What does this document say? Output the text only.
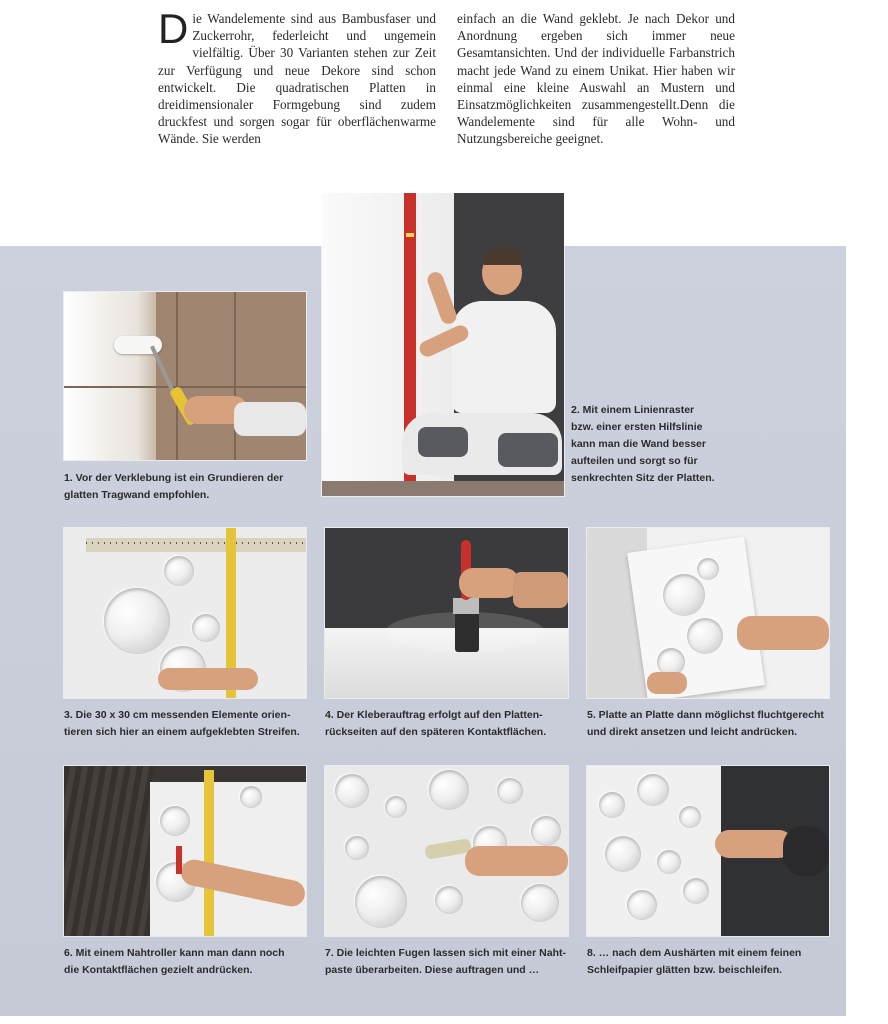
Die Wandelemente sind aus Bambusfaser und Zuckerrohr, federleicht und ungemein vielfältig. Über 30 Varianten stehen zur Zeit zur Verfügung und neue Dekore sind schon entwickelt. Die quadratischen Platten in dreidimensionaler Formgebung sind zudem druckfest und sorgen sogar für oberflächenwarme Wände. Sie werden

einfach an die Wand geklebt. Je nach Dekor und Anordnung ergeben sich immer neue Gesamtansichten. Und der individuelle Farbanstrich macht jede Wand zu einem Unikat. Hier haben wir einmal eine kleine Auswahl an Mustern und Einsatzmöglichkeiten zusammengestellt.Denn die Wandelemente sind für alle Wohn- und Nutzungsbereiche geeignet.

1. Vor der Verklebung ist ein Grundieren der
glatten Tragwand empfohlen.

2. Mit einem Linienraster
bzw. einer ersten Hilfslinie
kann man die Wand besser
aufteilen und sorgt so für
senkrechten Sitz der Platten.

3. Die 30 x 30 cm messenden Elemente orien-
tieren sich hier an einem aufgeklebten Streifen.

4. Der Kleberauftrag erfolgt auf den Platten-
rückseiten auf den späteren Kontaktflächen.

5. Platte an Platte dann möglichst fluchtgerecht
und direkt ansetzen und leicht andrücken.

6. Mit einem Nahtroller kann man dann noch
die Kontaktflächen gezielt andrücken.

7. Die leichten Fugen lassen sich mit einer Naht-
paste überarbeiten. Diese auftragen und …

8. … nach dem Aushärten mit einem feinen
Schleifpapier glätten bzw. beischleifen.
